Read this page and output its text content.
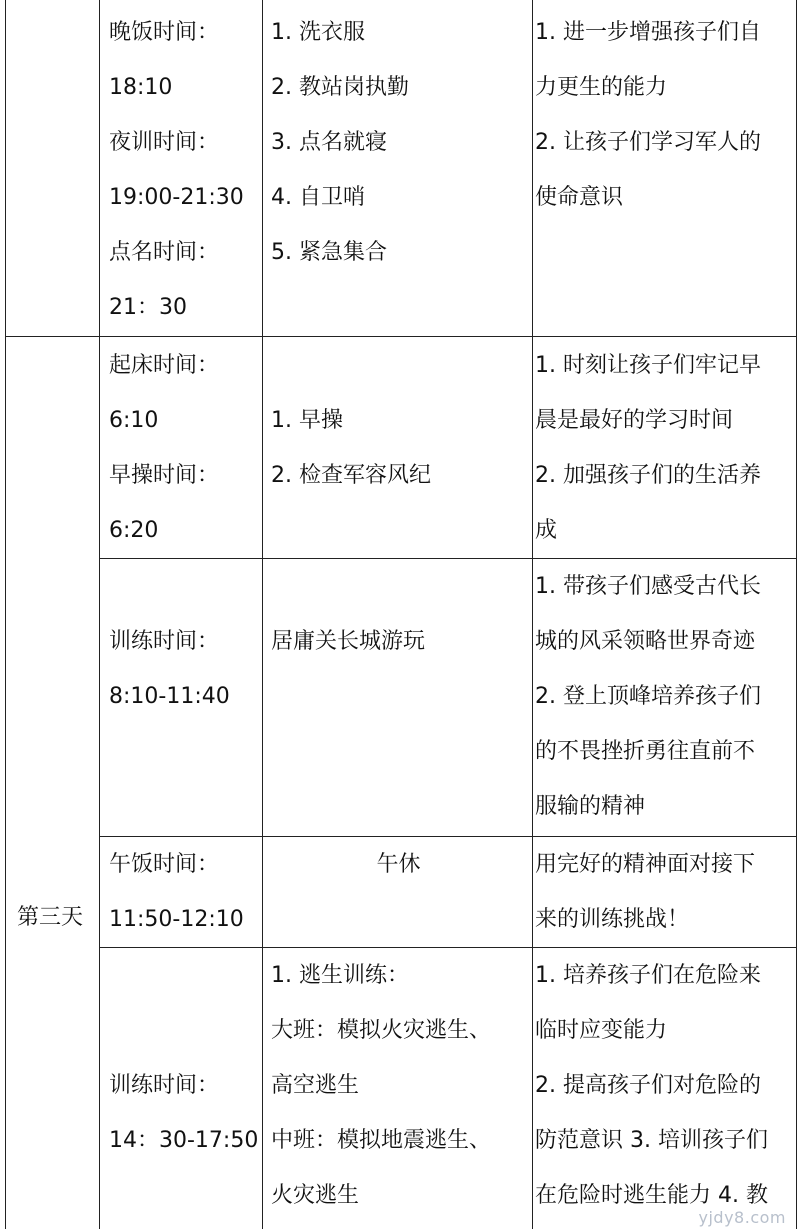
晚饭时间：
18:10
夜训时间：
19:00-21:30
点名时间：
21：30
1. 洗衣服
2. 教站岗执勤
3. 点名就寝
4. 自卫哨
5. 紧急集合
1. 进一步增强孩子们自
力更生的能力
2. 让孩子们学习军人的
使命意识
第三天
起床时间：
6:10
早操时间：
6:20
1. 早操
2. 检查军容风纪
1. 时刻让孩子们牢记早
晨是最好的学习时间
2. 加强孩子们的生活养
成
训练时间：
8:10-11:40
居庸关长城游玩
1. 带孩子们感受古代长
城的风采领略世界奇迹
2. 登上顶峰培养孩子们
的不畏挫折勇往直前不
服输的精神
午饭时间：
11:50-12:10
午休	用完好的精神面对接下
来的训练挑战！
训练时间：
14：30-17:50
1. 逃生训练：
大班：模拟火灾逃生、
高空逃生
中班：模拟地震逃生、
火灾逃生
1. 培养孩子们在危险来
临时应变能力
2. 提高孩子们对危险的
防范意识 3. 培训孩子们
在危险时逃生能力 4. 教
yjdy8.com
